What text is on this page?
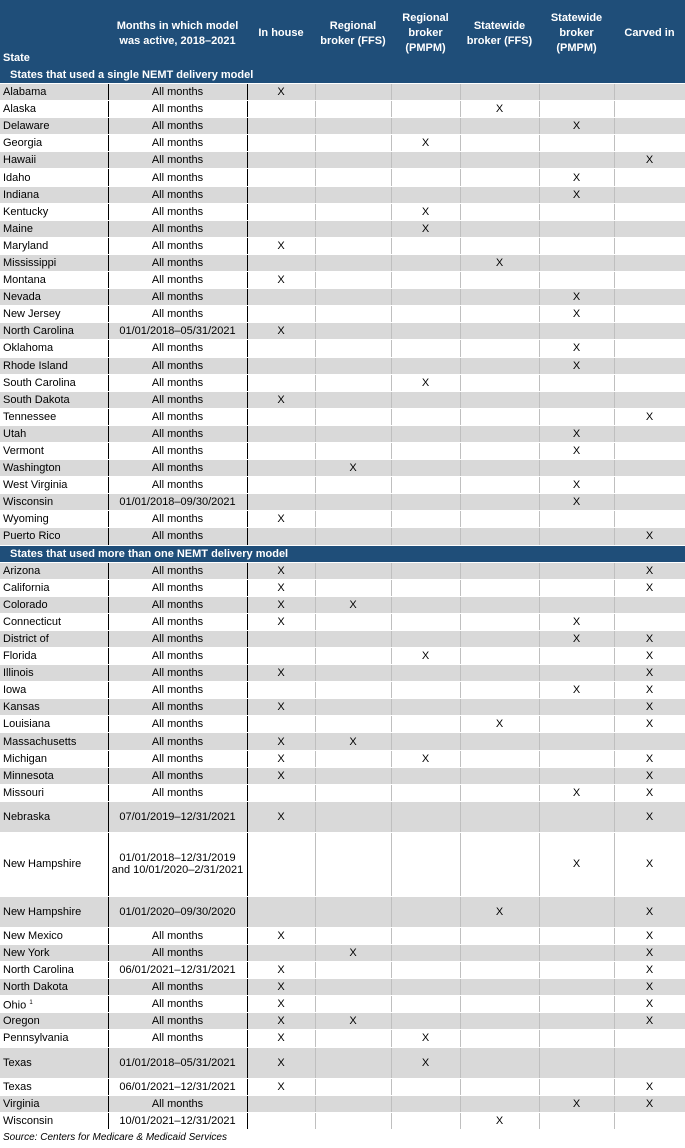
State	Months in which model was active, 2018–2021	In house	Regional broker (FFS)	Regional broker (PMPM)	Statewide broker (FFS)	Statewide broker (PMPM)	Carved in
States that used a single NEMT delivery model							
Alabama	All months	X					
Alaska	All months				X		
Delaware	All months					X	
Georgia	All months			X			
Hawaii	All months						X
Idaho	All months					X	
Indiana	All months					X	
Kentucky	All months			X			
Maine	All months			X			
Maryland	All months	X					
Mississippi	All months				X		
Montana	All months	X					
Nevada	All months					X	
New Jersey	All months					X	
North Carolina	01/01/2018–05/31/2021	X					
Oklahoma	All months					X	
Rhode Island	All months					X	
South Carolina	All months			X			
South Dakota	All months	X					
Tennessee	All months						X
Utah	All months					X	
Vermont	All months					X	
Washington	All months		X				
West Virginia	All months					X	
Wisconsin	01/01/2018–09/30/2021					X	
Wyoming	All months	X					
Puerto Rico	All months						X
States that used more than one NEMT delivery model							
Arizona	All months	X					X
California	All months	X					X
Colorado	All months	X	X				
Connecticut	All months	X				X	
District of	All months					X	X
Florida	All months			X			X
Illinois	All months	X					X
Iowa	All months					X	X
Kansas	All months	X					X
Louisiana	All months				X		X
Massachusetts	All months	X	X				
Michigan	All months	X		X			X
Minnesota	All months	X					X
Missouri	All months					X	X
Nebraska	07/01/2019–12/31/2021	X					X
New Hampshire	01/01/2018–12/31/2019 and 10/01/2020–2/31/2021					X	X
New Hampshire	01/01/2020–09/30/2020				X		X
New Mexico	All months	X					X
New York	All months		X				X
North Carolina	06/01/2021–12/31/2021	X					X
North Dakota	All months	X					X
Ohio $^1$	All months	X					X
Oregon	All months	X	X				X
Pennsylvania	All months	X		X			
Texas	01/01/2018–05/31/2021	X		X			
Texas	06/01/2021–12/31/2021	X					X
Virginia	All months					X	X
Wisconsin	10/01/2021–12/31/2021				X		
Source: Centers for Medicare & Medicaid Services							
